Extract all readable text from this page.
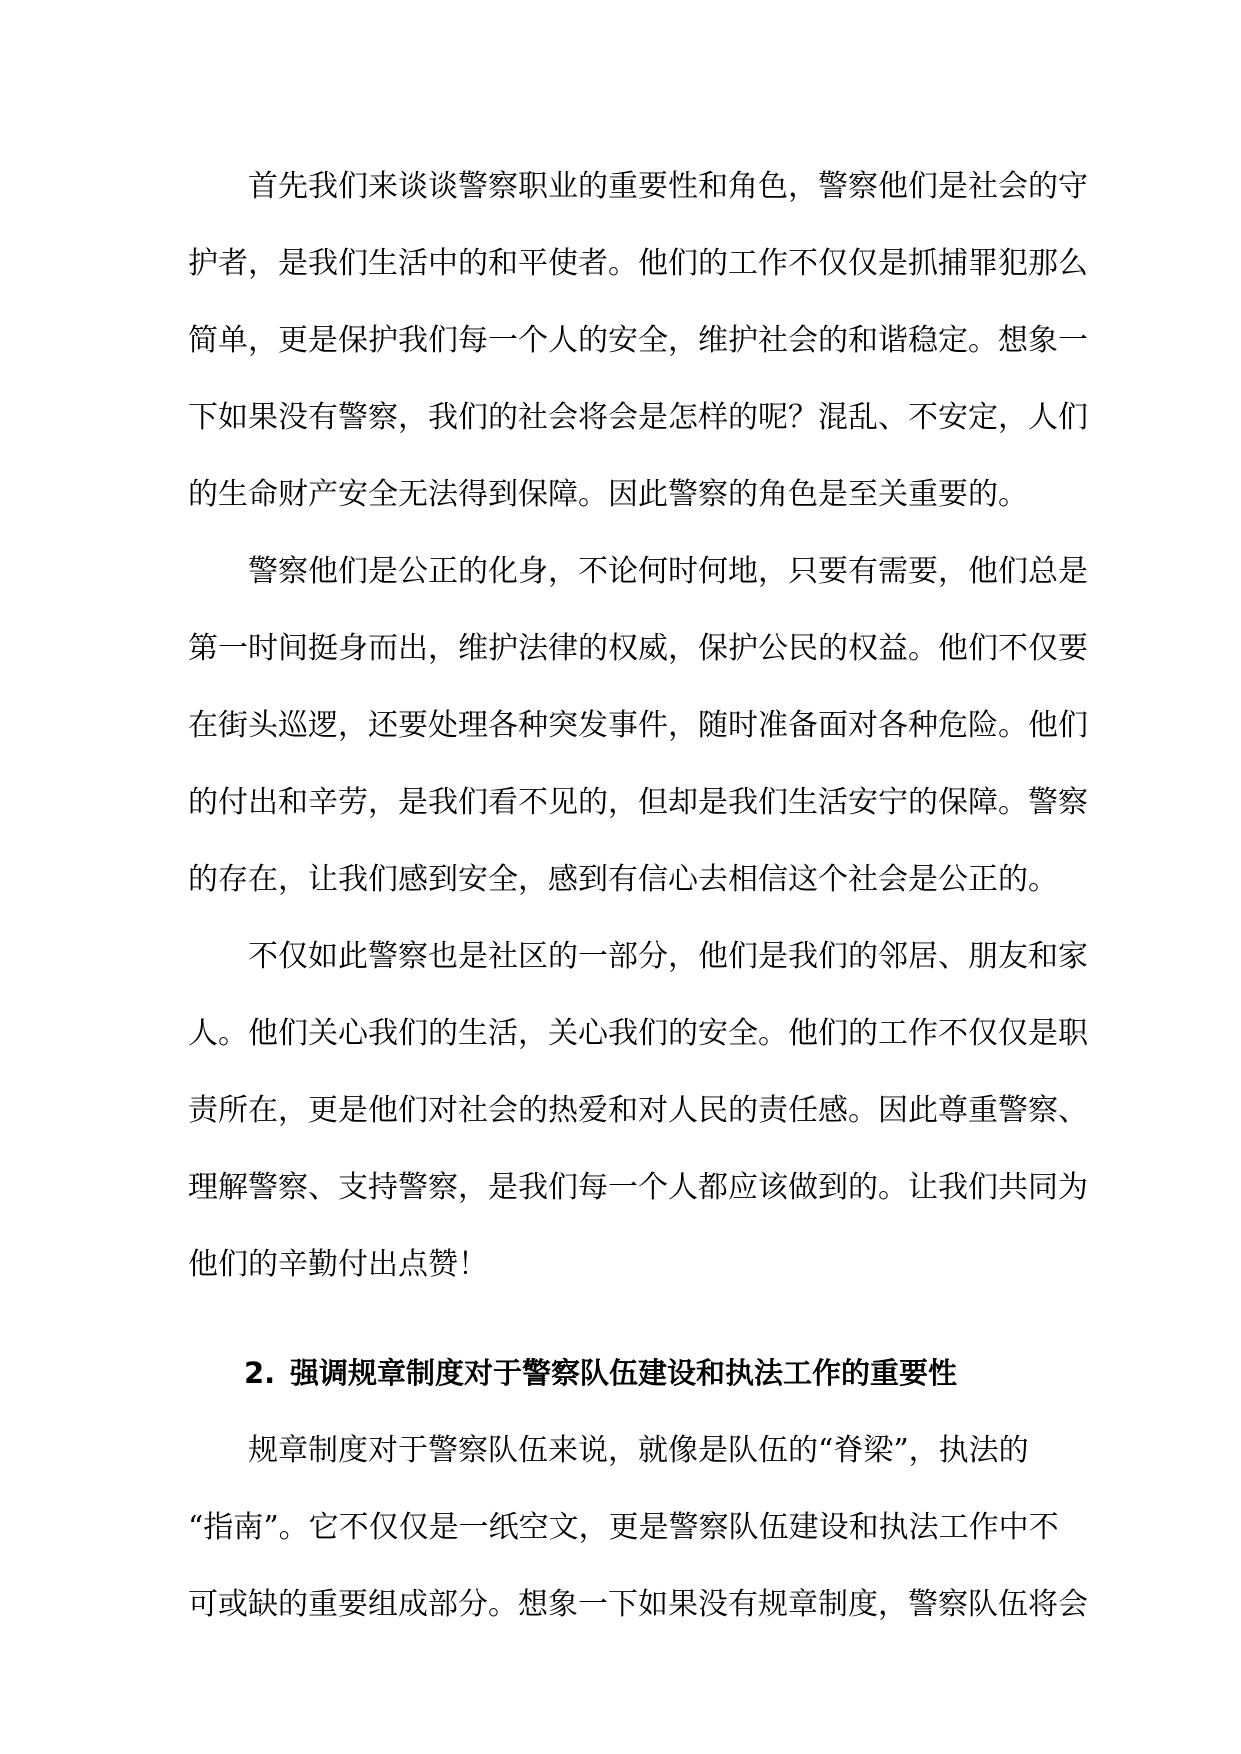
首先我们来谈谈警察职业的重要性和角色，警察他们是社会的守

护者，是我们生活中的和平使者。他们的工作不仅仅是抓捕罪犯那么

简单，更是保护我们每一个人的安全，维护社会的和谐稳定。想象一

下如果没有警察，我们的社会将会是怎样的呢？混乱、不安定，人们

的生命财产安全无法得到保障。因此警察的角色是至关重要的。

警察他们是公正的化身，不论何时何地，只要有需要，他们总是

第一时间挺身而出，维护法律的权威，保护公民的权益。他们不仅要

在街头巡逻，还要处理各种突发事件，随时准备面对各种危险。他们

的付出和辛劳，是我们看不见的，但却是我们生活安宁的保障。警察

的存在，让我们感到安全，感到有信心去相信这个社会是公正的。

不仅如此警察也是社区的一部分，他们是我们的邻居、朋友和家

人。他们关心我们的生活，关心我们的安全。他们的工作不仅仅是职

责所在，更是他们对社会的热爱和对人民的责任感。因此尊重警察、

理解警察、支持警察，是我们每一个人都应该做到的。让我们共同为

他们的辛勤付出点赞！

2. 强调规章制度对于警察队伍建设和执法工作的重要性

规章制度对于警察队伍来说，就像是队伍的“脊梁”，执法的

“指南”。它不仅仅是一纸空文，更是警察队伍建设和执法工作中不

可或缺的重要组成部分。想象一下如果没有规章制度，警察队伍将会
